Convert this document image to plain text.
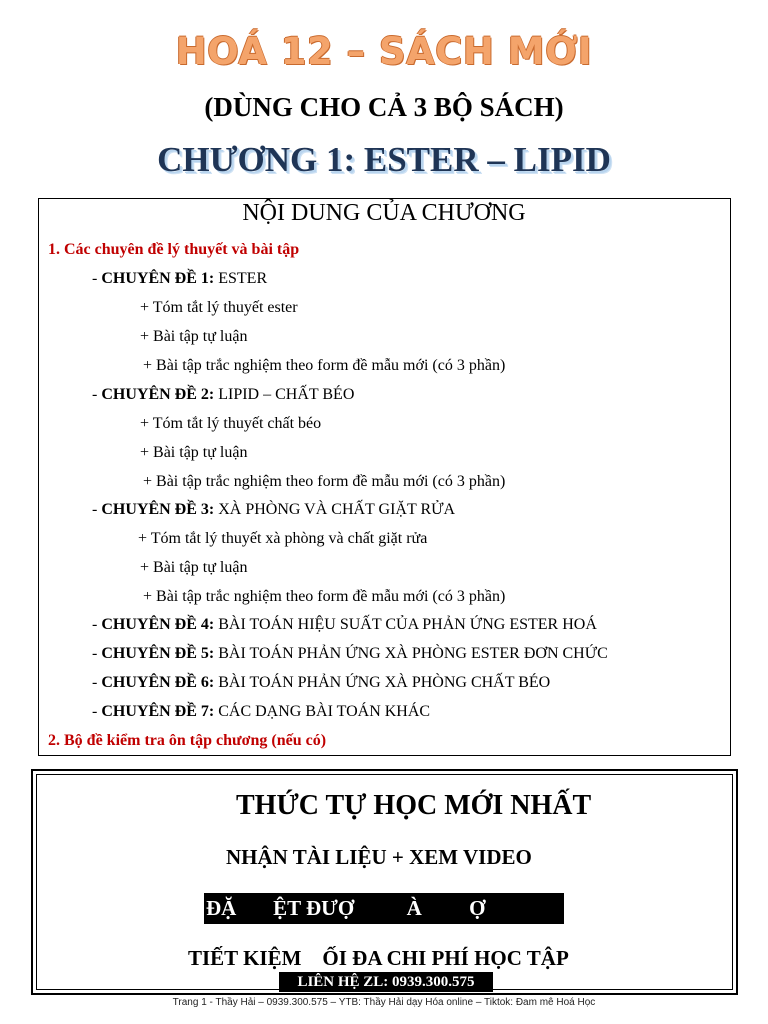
HOÁ 12 – SÁCH MỚI
(DÙNG CHO CẢ 3 BỘ SÁCH)
CHƯƠNG 1: ESTER – LIPID
NỘI DUNG CỦA CHƯƠNG
1. Các chuyên đề lý thuyết và bài tập
- CHUYÊN ĐỀ 1: ESTER
+ Tóm tắt lý thuyết ester
+ Bài tập tự luận
+ Bài tập trắc nghiệm theo form đề mẫu mới (có 3 phần)
- CHUYÊN ĐỀ 2: LIPID – CHẤT BÉO
+ Tóm tắt lý thuyết chất béo
+ Bài tập tự luận
+ Bài tập trắc nghiệm theo form đề mẫu mới (có 3 phần)
- CHUYÊN ĐỀ 3: XÀ PHÒNG VÀ CHẤT GIẶT RỬA
+ Tóm tắt lý thuyết xà phòng và chất giặt rửa
+ Bài tập tự luận
+ Bài tập trắc nghiệm theo form đề mẫu mới (có 3 phần)
- CHUYÊN ĐỀ 4: BÀI TOÁN HIỆU SUẤT CỦA PHẢN ỨNG ESTER HOÁ
- CHUYÊN ĐỀ 5: BÀI TOÁN PHẢN ỨNG XÀ PHÒNG ESTER ĐƠN CHỨC
- CHUYÊN ĐỀ 6: BÀI TOÁN PHẢN ỨNG XÀ PHÒNG CHẤT BÉO
- CHUYÊN ĐỀ 7: CÁC DẠNG BÀI TOÁN KHÁC
2. Bộ đề kiểm tra ôn tập chương (nếu có)
THỨC TỰ HỌC MỚI NHẤT
NHẬN TÀI LIỆU + XEM VIDEO
ĐẶ       ỆT ĐƯỢ          À         Ợ
TIẾT KIỆM    ỐI ĐA CHI PHÍ HỌC TẬP
LIÊN HỆ ZL: 0939.300.575
Trang 1 - Thầy Hải – 0939.300.575 – YTB: Thầy Hải dạy Hóa online – Tiktok: Đam mê Hoá Học
